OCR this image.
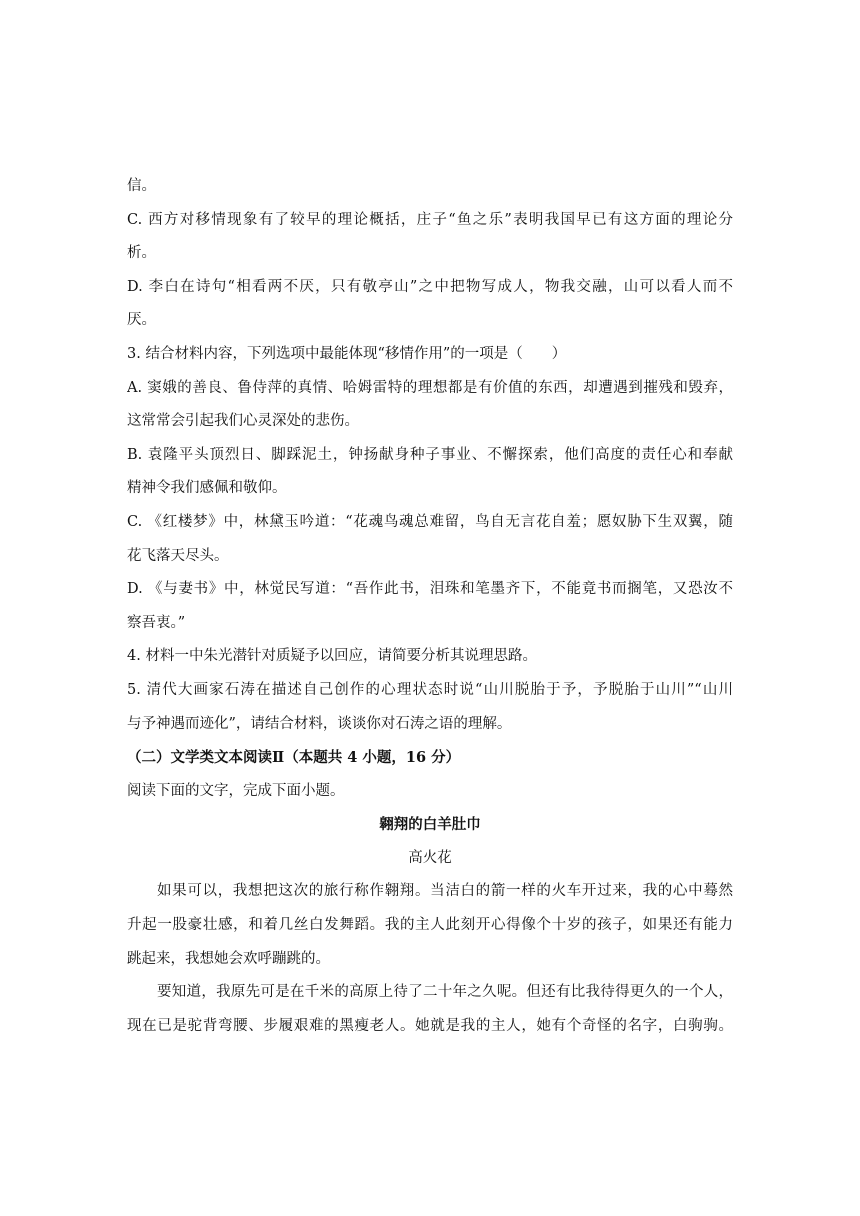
信。
C. 西方对移情现象有了较早的理论概括，庄子“鱼之乐”表明我国早已有这方面的理论分
析。
D. 李白在诗句“相看两不厌，只有敬亭山”之中把物写成人，物我交融，山可以看人而不
厌。
3. 结合材料内容，下列选项中最能体现“移情作用”的一项是（　　）
A. 窦娥的善良、鲁侍萍的真情、哈姆雷特的理想都是有价值的东西，却遭遇到摧残和毁弃，
这常常会引起我们心灵深处的悲伤。
B. 袁隆平头顶烈日、脚踩泥土，钟扬献身种子事业、不懈探索，他们高度的责任心和奉献
精神令我们感佩和敬仰。
C. 《红楼梦》中，林黛玉吟道：“花魂鸟魂总难留，鸟自无言花自羞；愿奴胁下生双翼，随
花飞落天尽头。
D. 《与妻书》中，林觉民写道：“吾作此书，泪珠和笔墨齐下，不能竟书而搁笔，又恐汝不
察吾衷。”
4. 材料一中朱光潜针对质疑予以回应，请简要分析其说理思路。
5. 清代大画家石涛在描述自己创作的心理状态时说“山川脱胎于予，予脱胎于山川”“山川
与予神遇而迹化”，请结合材料，谈谈你对石涛之语的理解。
（二）文学类文本阅读Ⅱ（本题共 4 小题，16 分）
阅读下面的文字，完成下面小题。
翱翔的白羊肚巾
高火花
如果可以，我想把这次的旅行称作翱翔。当洁白的箭一样的火车开过来，我的心中蓦然
升起一股豪壮感，和着几丝白发舞蹈。我的主人此刻开心得像个十岁的孩子，如果还有能力
跳起来，我想她会欢呼蹦跳的。
要知道，我原先可是在千米的高原上待了二十年之久呢。但还有比我待得更久的一个人，
现在已是驼背弯腰、步履艰难的黑瘦老人。她就是我的主人，她有个奇怪的名字，白驹驹。
